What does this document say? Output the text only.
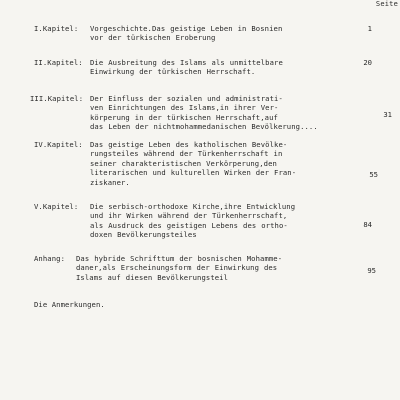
Seite
I.Kapitel: Vorgeschichte.Das geistige Leben in Bosnien
vor der türkischen Eroberung
1
II.Kapitel: Die Ausbreitung des Islams als unmittelbare
Einwirkung der türkischen Herrschaft.
20
III.Kapitel: Der Einfluss der sozialen und administrati-
ven Einrichtungen des Islams,in ihrer Ver-
körperung in der türkischen Herrschaft,auf
das Leben der nichtmohammedanischen Bevölkerung....
31
IV.Kapitel: Das geistige Leben des katholischen Bevölke-
rungsteiles während der Türkenherrschaft in
seiner charakteristischen Verkörperung,den
literarischen und kulturellen Wirken der Fran-
ziskaner.
55
V.Kapitel: Die serbisch-orthodoxe Kirche,ihre Entwicklung
und ihr Wirken während der Türkenherrschaft,
als Ausdruck des geistigen Lebens des ortho-
doxen Bevölkerungsteiles
84
Anhang: Das hybride Schrifttum der bosnischen Mohamme-
daner,als Erscheinungsform der Einwirkung des
Islams auf diesen Bevölkerungsteil
95
Die Anmerkungen.
